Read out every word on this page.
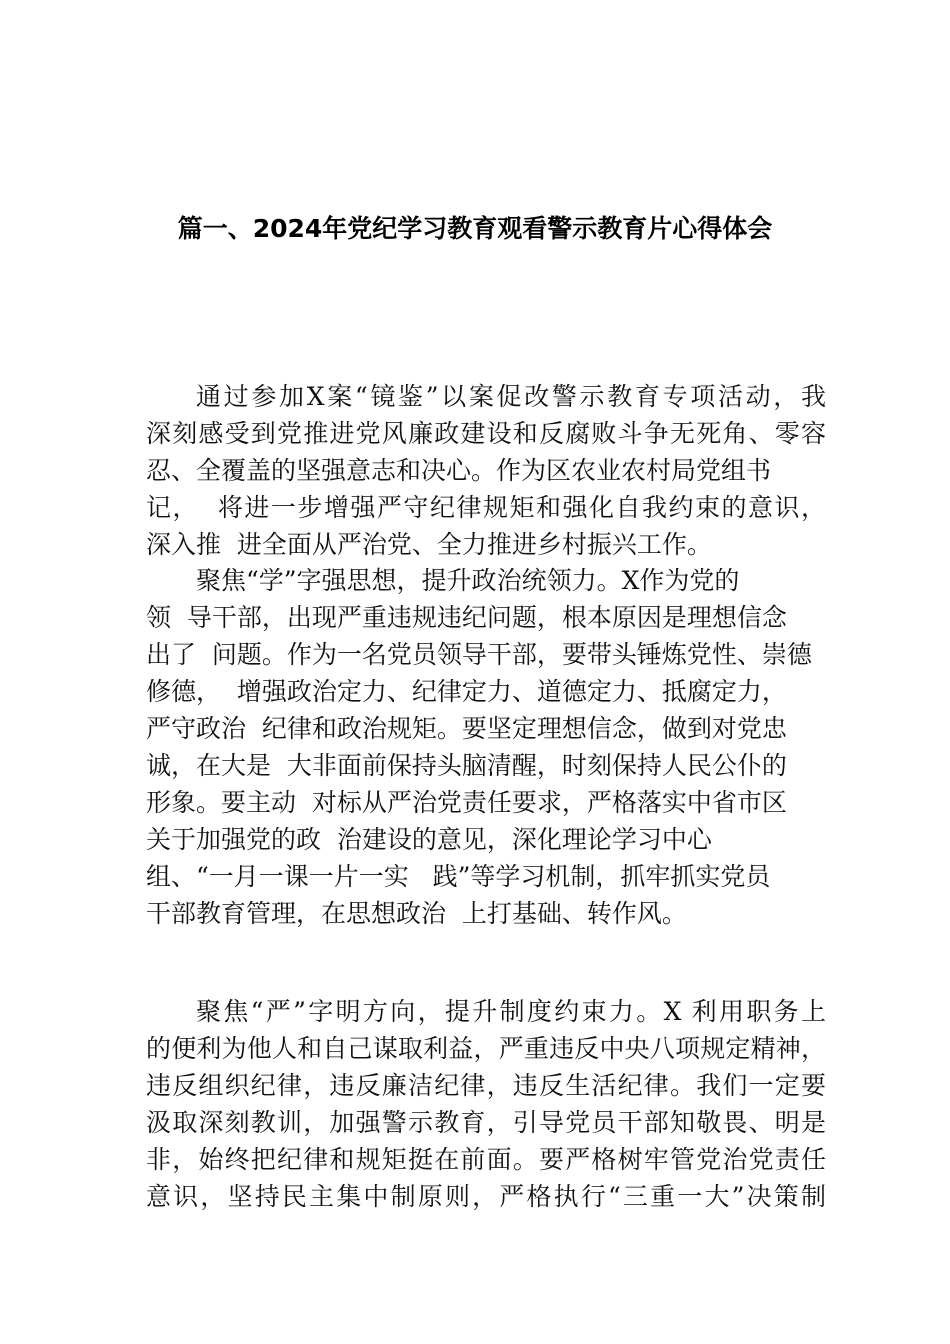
篇一、2024年党纪学习教育观看警示教育片心得体会
通过参加X案“镜鉴”以案促改警示教育专项活动，我
深刻感受到党推进党风廉政建设和反腐败斗争无死角、零容
忍、全覆盖的坚强意志和决心。作为区农业农村局党组书
记，  将进一步增强严守纪律规矩和强化自我约束的意识，
深入推  进全面从严治党、全力推进乡村振兴工作。
聚焦“学”字强思想，提升政治统领力。X作为党的
领  导干部，出现严重违规违纪问题，根本原因是理想信念
出了  问题。作为一名党员领导干部，要带头锤炼党性、崇德
修德，  增强政治定力、纪律定力、道德定力、抵腐定力，
严守政治  纪律和政治规矩。要坚定理想信念，做到对党忠
诚，在大是  大非面前保持头脑清醒，时刻保持人民公仆的
形象。要主动  对标从严治党责任要求，严格落实中省市区
关于加强党的政  治建设的意见，深化理论学习中心
组、“一月一课一片一实   践”等学习机制，抓牢抓实党员
干部教育管理，在思想政治  上打基础、转作风。
聚焦“严”字明方向，提升制度约束力。X 利用职务上
的便利为他人和自己谋取利益，严重违反中央八项规定精神，
违反组织纪律，违反廉洁纪律，违反生活纪律。我们一定要
汲取深刻教训，加强警示教育，引导党员干部知敬畏、明是
非，始终把纪律和规矩挺在前面。要严格树牢管党治党责任
意识，坚持民主集中制原则，严格执行“三重一大”决策制
